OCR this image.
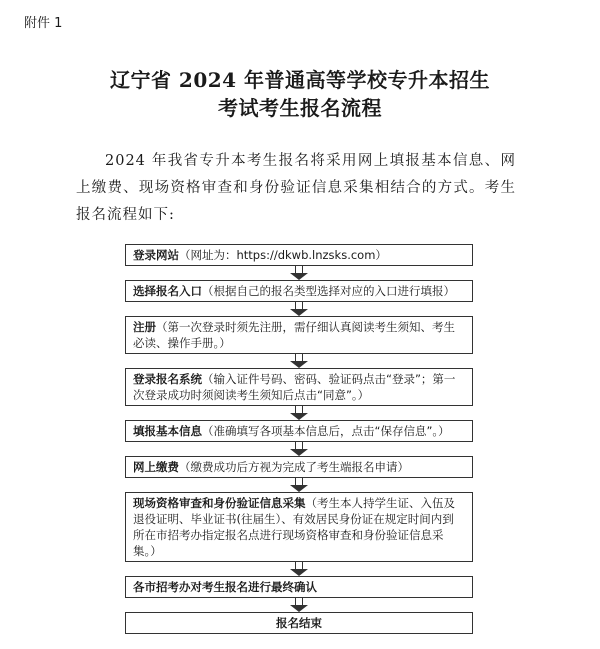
附件 1
辽宁省 2024 年普通高等学校专升本招生
考试考生报名流程
2024 年我省专升本考生报名将采用网上填报基本信息、网上缴费、现场资格审查和身份验证信息采集相结合的方式。考生报名流程如下:
登录网站（网址为：https://dkwb.lnzsks.com）
选择报名入口（根据自己的报名类型选择对应的入口进行填报）
注册（第一次登录时须先注册，需仔细认真阅读考生须知、考生必读、操作手册。）
登录报名系统（输入证件号码、密码、验证码点击“登录”；第一次登录成功时须阅读考生须知后点击“同意”。）
填报基本信息（准确填写各项基本信息后，点击“保存信息”。）
网上缴费（缴费成功后方视为完成了考生端报名申请）
现场资格审查和身份验证信息采集（考生本人持学生证、入伍及退役证明、毕业证书(往届生）、有效居民身份证在规定时间内到所在市招考办指定报名点进行现场资格审查和身份验证信息采集。）
各市招考办对考生报名进行最终确认
报名结束
